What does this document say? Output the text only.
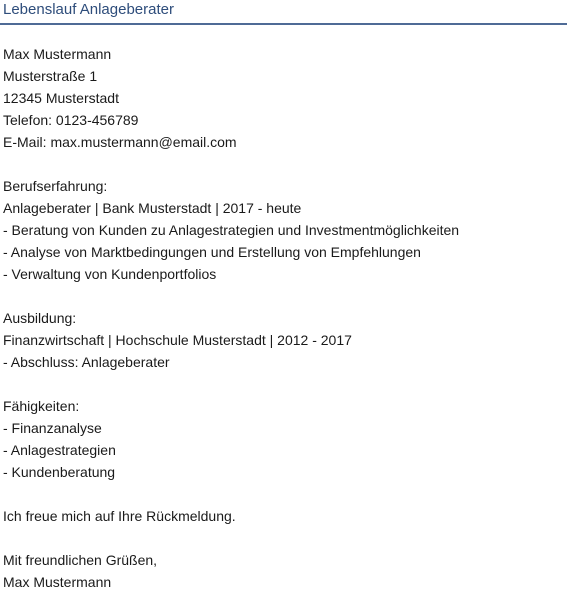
Lebenslauf Anlageberater
Max Mustermann
Musterstraße 1
12345 Musterstadt
Telefon: 0123-456789
E-Mail: max.mustermann@email.com
Berufserfahrung:
Anlageberater | Bank Musterstadt | 2017 - heute
- Beratung von Kunden zu Anlagestrategien und Investmentmöglichkeiten
- Analyse von Marktbedingungen und Erstellung von Empfehlungen
- Verwaltung von Kundenportfolios
Ausbildung:
Finanzwirtschaft | Hochschule Musterstadt | 2012 - 2017
- Abschluss: Anlageberater
Fähigkeiten:
- Finanzanalyse
- Anlagestrategien
- Kundenberatung
Ich freue mich auf Ihre Rückmeldung.
Mit freundlichen Grüßen,
Max Mustermann
